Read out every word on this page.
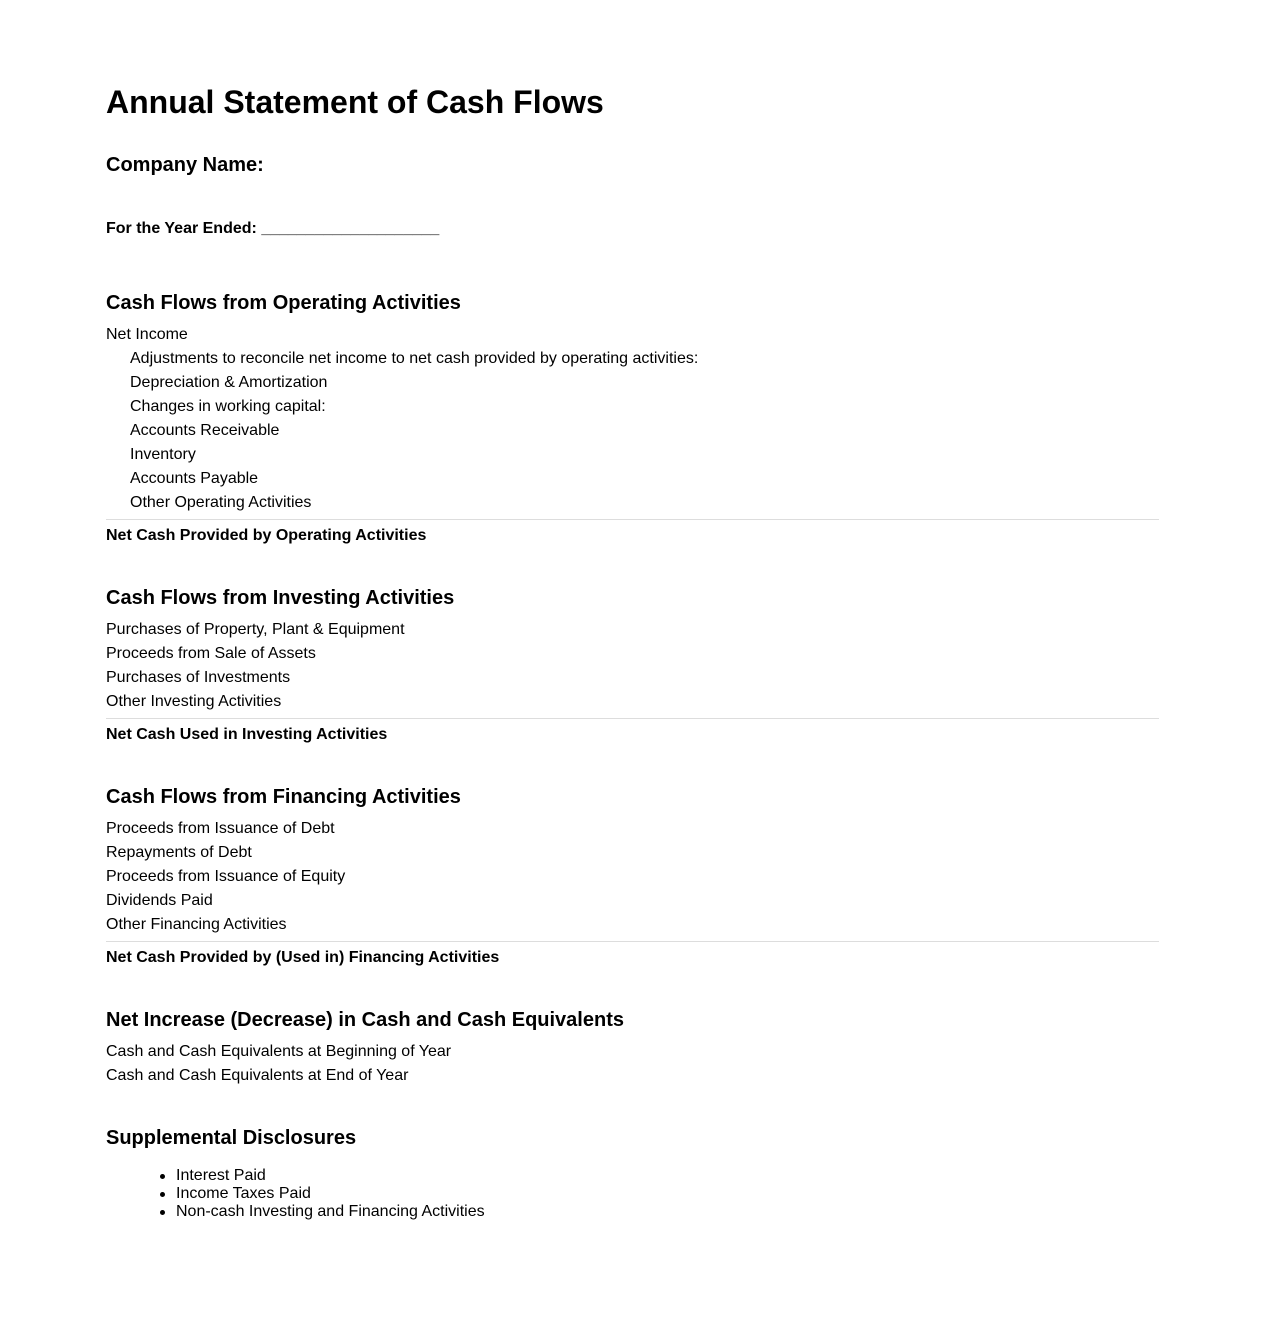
Annual Statement of Cash Flows
Company Name:
For the Year Ended: ____________________
Cash Flows from Operating Activities
Net Income
Adjustments to reconcile net income to net cash provided by operating activities:
Depreciation & Amortization
Changes in working capital:
Accounts Receivable
Inventory
Accounts Payable
Other Operating Activities
Net Cash Provided by Operating Activities
Cash Flows from Investing Activities
Purchases of Property, Plant & Equipment
Proceeds from Sale of Assets
Purchases of Investments
Other Investing Activities
Net Cash Used in Investing Activities
Cash Flows from Financing Activities
Proceeds from Issuance of Debt
Repayments of Debt
Proceeds from Issuance of Equity
Dividends Paid
Other Financing Activities
Net Cash Provided by (Used in) Financing Activities
Net Increase (Decrease) in Cash and Cash Equivalents
Cash and Cash Equivalents at Beginning of Year
Cash and Cash Equivalents at End of Year
Supplemental Disclosures
Interest Paid
Income Taxes Paid
Non-cash Investing and Financing Activities
